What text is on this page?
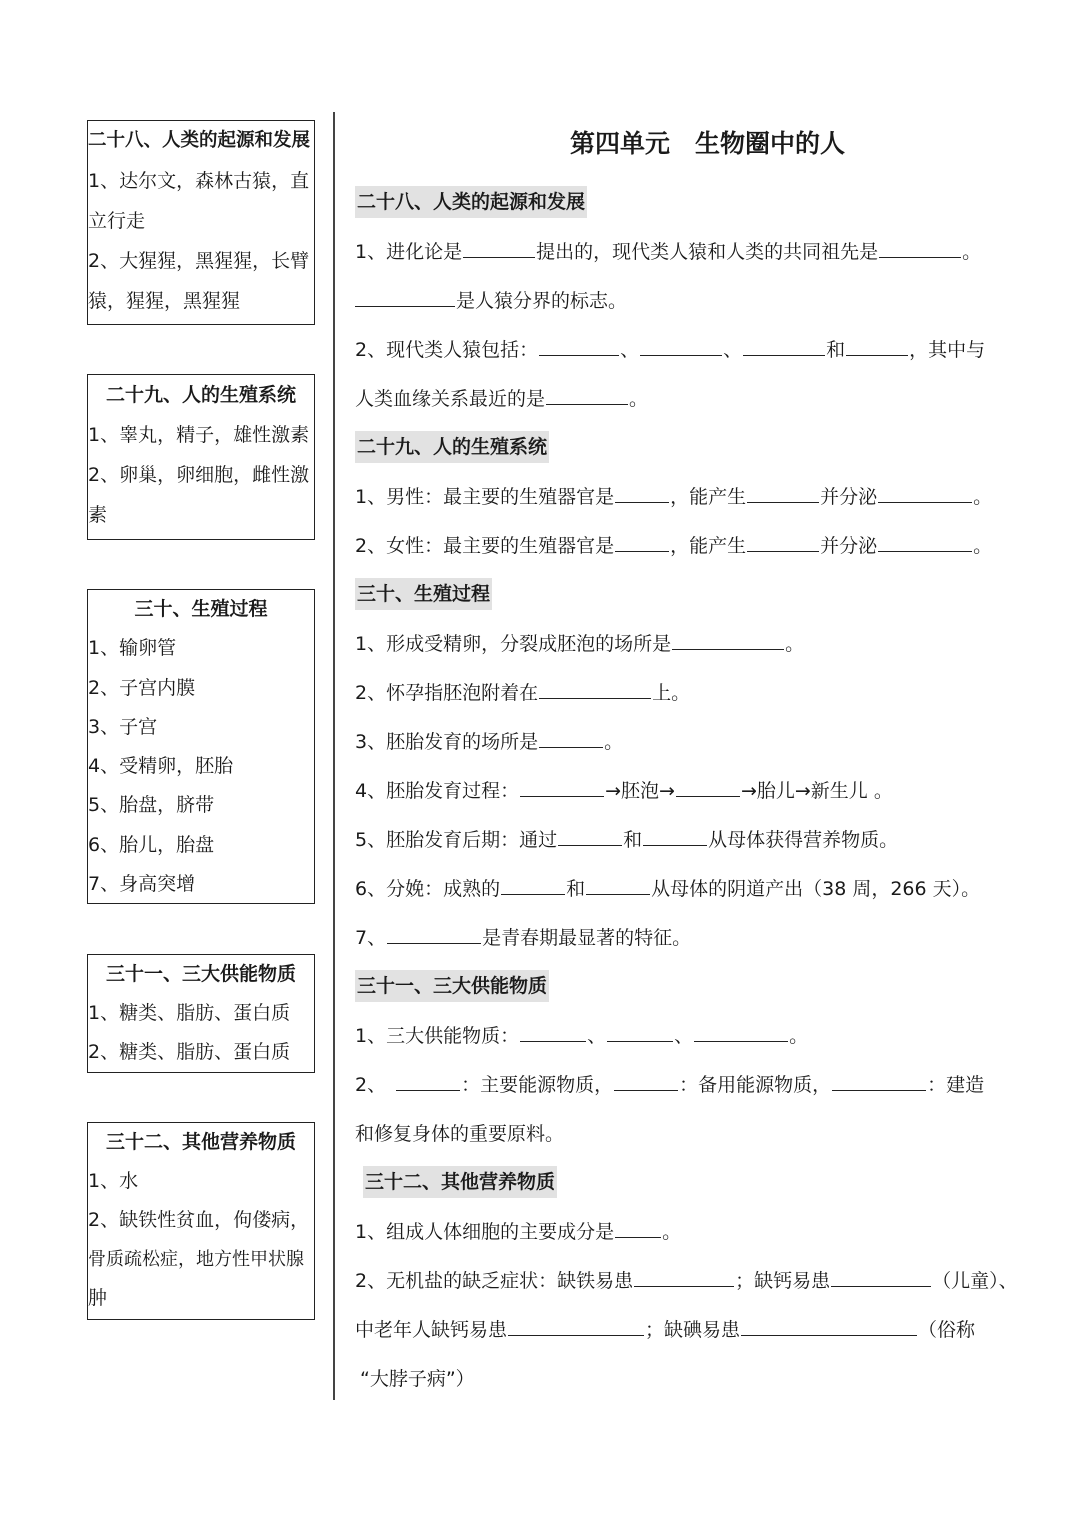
二十八、人类的起源和发展
1、达尔文，森林古猿，直
立行走
2、大猩猩，黑猩猩，长臂
猿，猩猩，黑猩猩
二十九、人的生殖系统
1、睾丸，精子，雄性激素
2、卵巢，卵细胞，雌性激
素
三十、生殖过程
1、输卵管
2、子宫内膜
3、子宫
4、受精卵，胚胎
5、胎盘，脐带
6、胎儿，胎盘
7、身高突增
三十一、三大供能物质
1、糖类、脂肪、蛋白质
2、糖类、脂肪、蛋白质
三十二、其他营养物质
1、水
2、缺铁性贫血，佝偻病，
骨质疏松症，地方性甲状腺
肿
第四单元　生物圈中的人
二十八、人类的起源和发展
1、进化论是	提出的，现代类人猿和人类的共同祖先是	。
是人猿分界的标志。
2、现代类人猿包括：	、	、	和	，其中与
人类血缘关系最近的是	。
二十九、人的生殖系统
1、男性：最主要的生殖器官是	，能产生	并分泌	。
2、女性：最主要的生殖器官是	，能产生	并分泌	。
三十、生殖过程
1、形成受精卵，分裂成胚泡的场所是	。
2、怀孕指胚泡附着在	上。
3、胚胎发育的场所是	。
4、胚胎发育过程：	→胚泡→	→胎儿→新生儿 。
5、胚胎发育后期：通过	和	从母体获得营养物质。
6、分娩：成熟的	和	从母体的阴道产出（38 周，266 天）。
7、	是青春期最显著的特征。
三十一、三大供能物质
1、三大供能物质：	、	、	。
2、	：主要能源物质，	：备用能源物质，	：建造
和修复身体的重要原料。
三十二、其他营养物质
1、组成人体细胞的主要成分是	。
2、无机盐的缺乏症状：缺铁易患	；缺钙易患	（儿童）、
中老年人缺钙易患	；缺碘易患	（俗称
“大脖子病”）
